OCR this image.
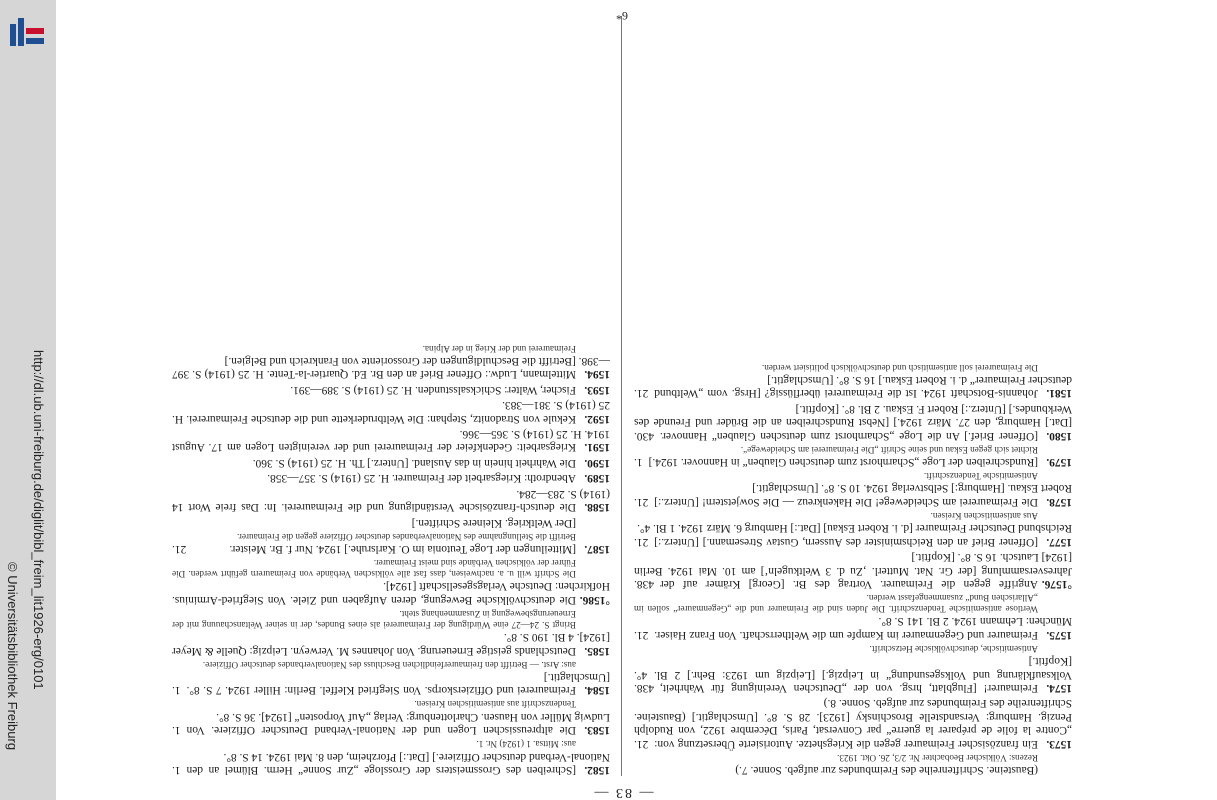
http://dl.ub.uni-freiburg.de/diglit/bibl_freim_lit1926-erg/0101
© Universitätsbibliothek Freiburg
— 83 —
(Bausteine. Schriftenreihe des Freimbundes zur aufgeb. Sonne. 7.)
Rezens: Völkischer Beobachter Nr. 2/3, 26. Okt. 1923.
1573.
21. Ein französischer Freimaurer gegen die Kriegshetze. Autorisierte Übersetzung von: „Contre la folie de préparer la guerre“ par Conversat, Paris, Décembre 1922, von Rudolph Penzig. Hamburg: Versandstelle Broschinsky [1923]. 28 S. 8°. [Umschlagtit.] (Bausteine. Schriftenreihe des Freimbundes zur aufgeb. Sonne. 8.)
1574.
438. Freimaurer! [Flugblatt, hrsg. von der „Deutschen Vereinigung für Wahrheit, Volksaufklärung und Volksgesundung“ in Leipzig.] [Leipzig um 1923: Behr.] 2 Bl. 4°. [Kopftit.]
Antisemitische, deutschvölkische Hetzschrift.
1575.
21. Freimaurer und Gegenmaurer im Kampfe um die Weltherrschaft. Von Franz Haiser. München: Lehmann 1924. 2 Bl. 141 S. 8°.
Wertlose antisemitische Tendenzschrift. Die Juden sind die Freimaurer und die „Gegenmaurer“ sollen im „Allarischen Bund“ zusammengefasst werden.
°1576.
438. Angriffe gegen die Freimaurer. Vortrag des Br. [Georg] Krämer auf der Jahresversammlung [der Gr. Nat. Mutterl. ‚Zu d. 3 Weltkugeln‘] am 10. Mai 1924. Berlin [1924] Lautsch. 16 S. 8°. [Kopftit.]
1577.
21. [Offener Brief an den Reichsminister des Aussern, Gustav Stresemann.] [Unterz.:] Reichsbund Deutscher Freimaurer [d. i. Robert Eskau] [Dat.:] Hamburg 6. März 1924. 1 Bl. 4°.
Aus antisemitischen Kreisen.
1578.
21. Die Freimaurerei am Scheidewege! Die Hakenkreuz — Die Sowjetstern! [Unterz.:] Robert Eskau. [Hamburg:] Selbstverlag 1924. 10 S. 8°. [Umschlagtit.]
Antisemitische Tendenzschrift.
1579.
1. [Rundschreiben der Loge „Scharnhorst zum deutschen Glauben“ in Hannover. 1924.]
Richtet sich gegen Eskau und seine Schrift „Die Freimaurerei am Scheidewege“.
1580.
430. [Offener Brief.] An die Loge „Scharnhorst zum deutschen Glauben“ Hannover. [Dat.] Hamburg, den 27. März 1924.] [Nebst Rundschreiben an die Brüder und Freunde des Werkbundes.] [Unterz.:] Robert F. Eskau. 2 Bl. 8°. [Kopftit.]
1581.
21. Johannis-Botschaft 1924. Ist die Freimaurerei überflüssig? [Hrsg. vom „Weltbund deutscher Freimaurer“ d. i. Robert Eskau.] 16 S. 8°. [Umschlagtit.]
Die Freimaurerei soll antisemitisch und deutschvölkisch politisiert werden.
1582.
1. [Schreiben des Grossmeisters der Grossloge „Zur Sonne“ Herm. Blümel an den National-Verband deutscher Offiziere.] [Dat.:] Pforzheim, den 8. Mai 1924. 14 S. 8°.
aus: Mittsa. 1 (1924) Nr. 1.
1583.
1. Die altpreussischen Logen und der National-Verband Deutscher Offiziere. Von Ludwig Müller von Hausen. Charlottenburg: Verlag „Auf Vorposten“ [1924]. 36 S. 8°.
Tendenzschrift aus antisemitischen Kreisen.
1584.
1. Freimaurerei und Offizierskorps. Von Siegfried Kleffel. Berlin: Hiller 1924. 7 S. 8°. [Umschlagtit.]
aus: Arst. — Betrifft den freimaurerfeindlichen Beschluss des Nationalverbandes deutscher Offiziere.
1585.
Deutschlands geistige Erneuerung. Von Johannes M. Verweyn. Leipzig: Quelle & Meyer [1924]. 4 Bl. 190 S. 8°.
Bringt S. 24—27 eine Würdigung der Freimaurerei als eines Bundes, der in seiner Weltanschauung mit der Erneuerungsbewegung in Zusammenhang steht.
°1586.
Die deutschvölkische Bewegung, deren Aufgaben und Ziele. Von Siegfried-Arminius. Hofkirchen: Deutsche Verlagsgesellschaft [1924].
Die Schrift will u. a. nachweisen, dass fast alle völkischen Verbände von Freimaurern geführt werden. Die Führer der völkischen Verbände sind meist Freimaurer.
1587.
21.	[Mitteilungen der Loge Teutonia im O. Karlsruhe.] 1924. Nur f. Br. Meister.
Betrifft die Stellungnahme des Nationalverbandes deutscher Offiziere gegen die Freimaurer.
[Der Weltkrieg. Kleinere Schriften.]
1588.
Die deutsch-französische Verständigung und die Freimaurerei. In: Das freie Wort 14 (1914) S. 283—284.
1589.
Abendroth: Kriegsarbeit der Freimaurer. H. 25 (1914) S. 357—358.
1590.
Die Wahrheit hinein in das Ausland. [Unterz.] Th. H. 25 (1914) S. 360.
1591.
Kriegsarbeit: Gedenkfeier der Freimaurerei und der vereinigten Logen am 17. August 1914. H. 25 (1914) S. 365—366.
1592.
Kekule von Stradonitz, Stephan: Die Weltbruderkette und die deutsche Freimaurerei. H. 25 (1914) S. 381—383.
1593.
Fischer, Walter: Schicksalsstunden. H. 25 (1914) S. 389—391.
1594.
Mittelmann, Ludw.: Offener Brief an den Br. Ed. Quartier-la-Tente. H. 25 (1914) S. 397—398. [Betrifft die Beschuldigungen der Grossoriente von Frankreich und Belgien.]
Freimaurerei und der Krieg in der Alpina.
6*
